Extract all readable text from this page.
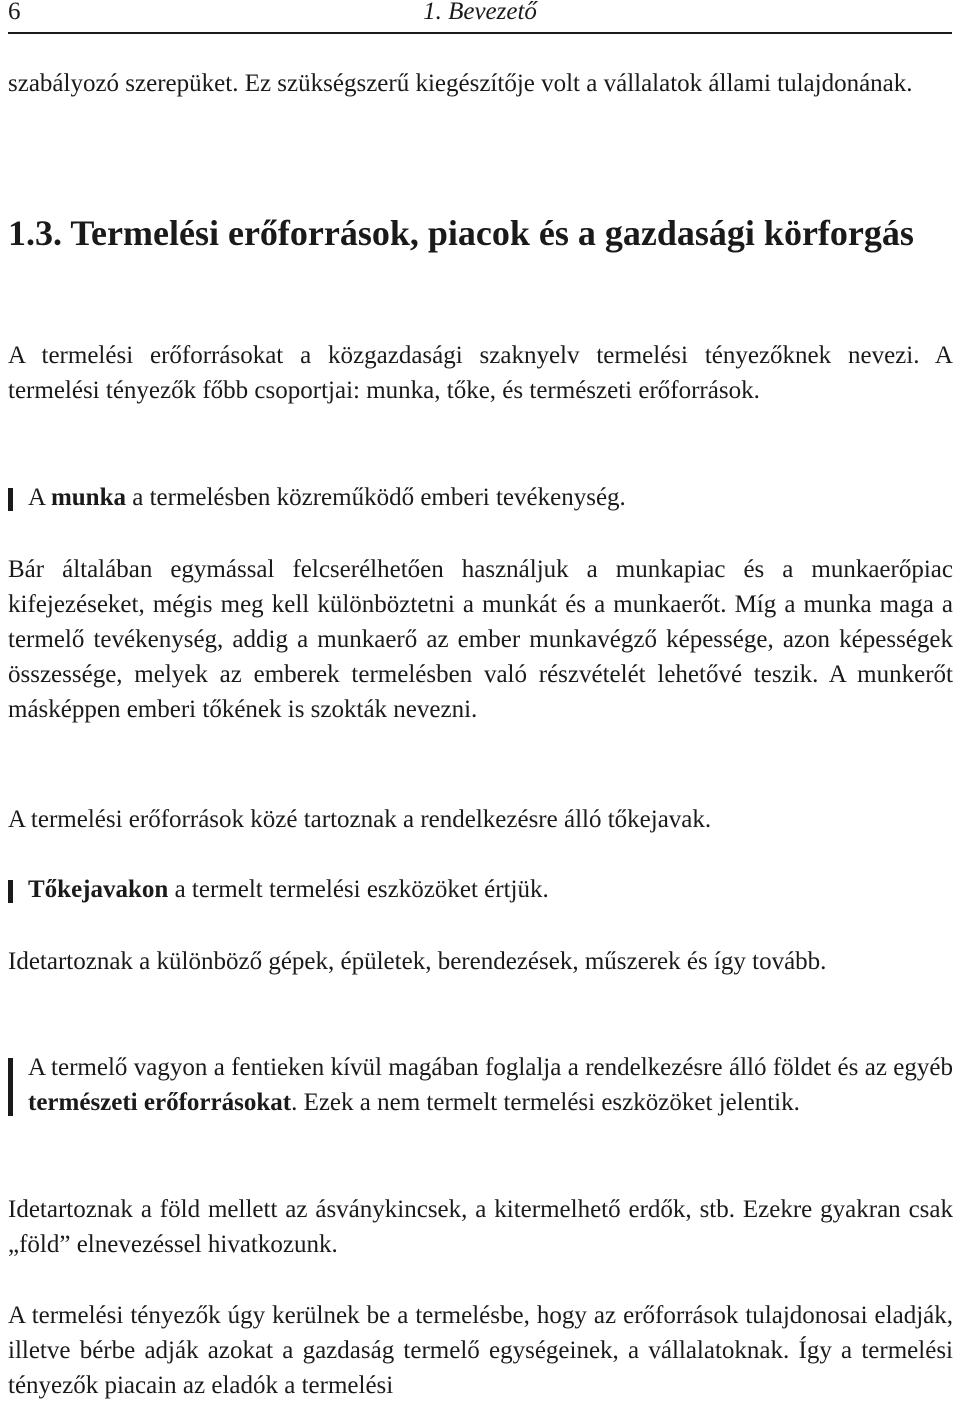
6	1. Bevezető

szabályozó szerepüket. Ez szükségszerű kiegészítője volt a vállalatok állami tulajdonának.

1.3. Termelési erőforrások, piacok és a gazdasági körforgás

A termelési erőforrásokat a közgazdasági szaknyelv termelési tényezőknek nevezi. A termelési tényezők főbb csoportjai: munka, tőke, és természeti erőforrások.

A munka a termelésben közreműködő emberi tevékenység.

Bár általában egymással felcserélhetően használjuk a munkapiac és a munkaerőpiac kifejezéseket, mégis meg kell különböztetni a munkát és a munkaerőt. Míg a munka maga a termelő tevékenység, addig a munkaerő az ember munkavégző képessége, azon képességek összessége, melyek az emberek termelésben való részvételét lehetővé teszik. A munkerőt másképpen emberi tőkének is szokták nevezni.

A termelési erőforrások közé tartoznak a rendelkezésre álló tőkejavak.

Tőkejavakon a termelt termelési eszközöket értjük.

Idetartoznak a különböző gépek, épületek, berendezések, műszerek és így tovább.

A termelő vagyon a fentieken kívül magában foglalja a rendelkezésre álló földet és az egyéb természeti erőforrásokat. Ezek a nem termelt termelési eszközöket jelentik.

Idetartoznak a föld mellett az ásványkincsek, a kitermelhető erdők, stb. Ezekre gyakran csak „föld” elnevezéssel hivatkozunk.

A termelési tényezők úgy kerülnek be a termelésbe, hogy az erőforrások tulajdonosai eladják, illetve bérbe adják azokat a gazdaság termelő egységeinek, a vállalatoknak. Így a termelési tényezők piacain az eladók a termelési
